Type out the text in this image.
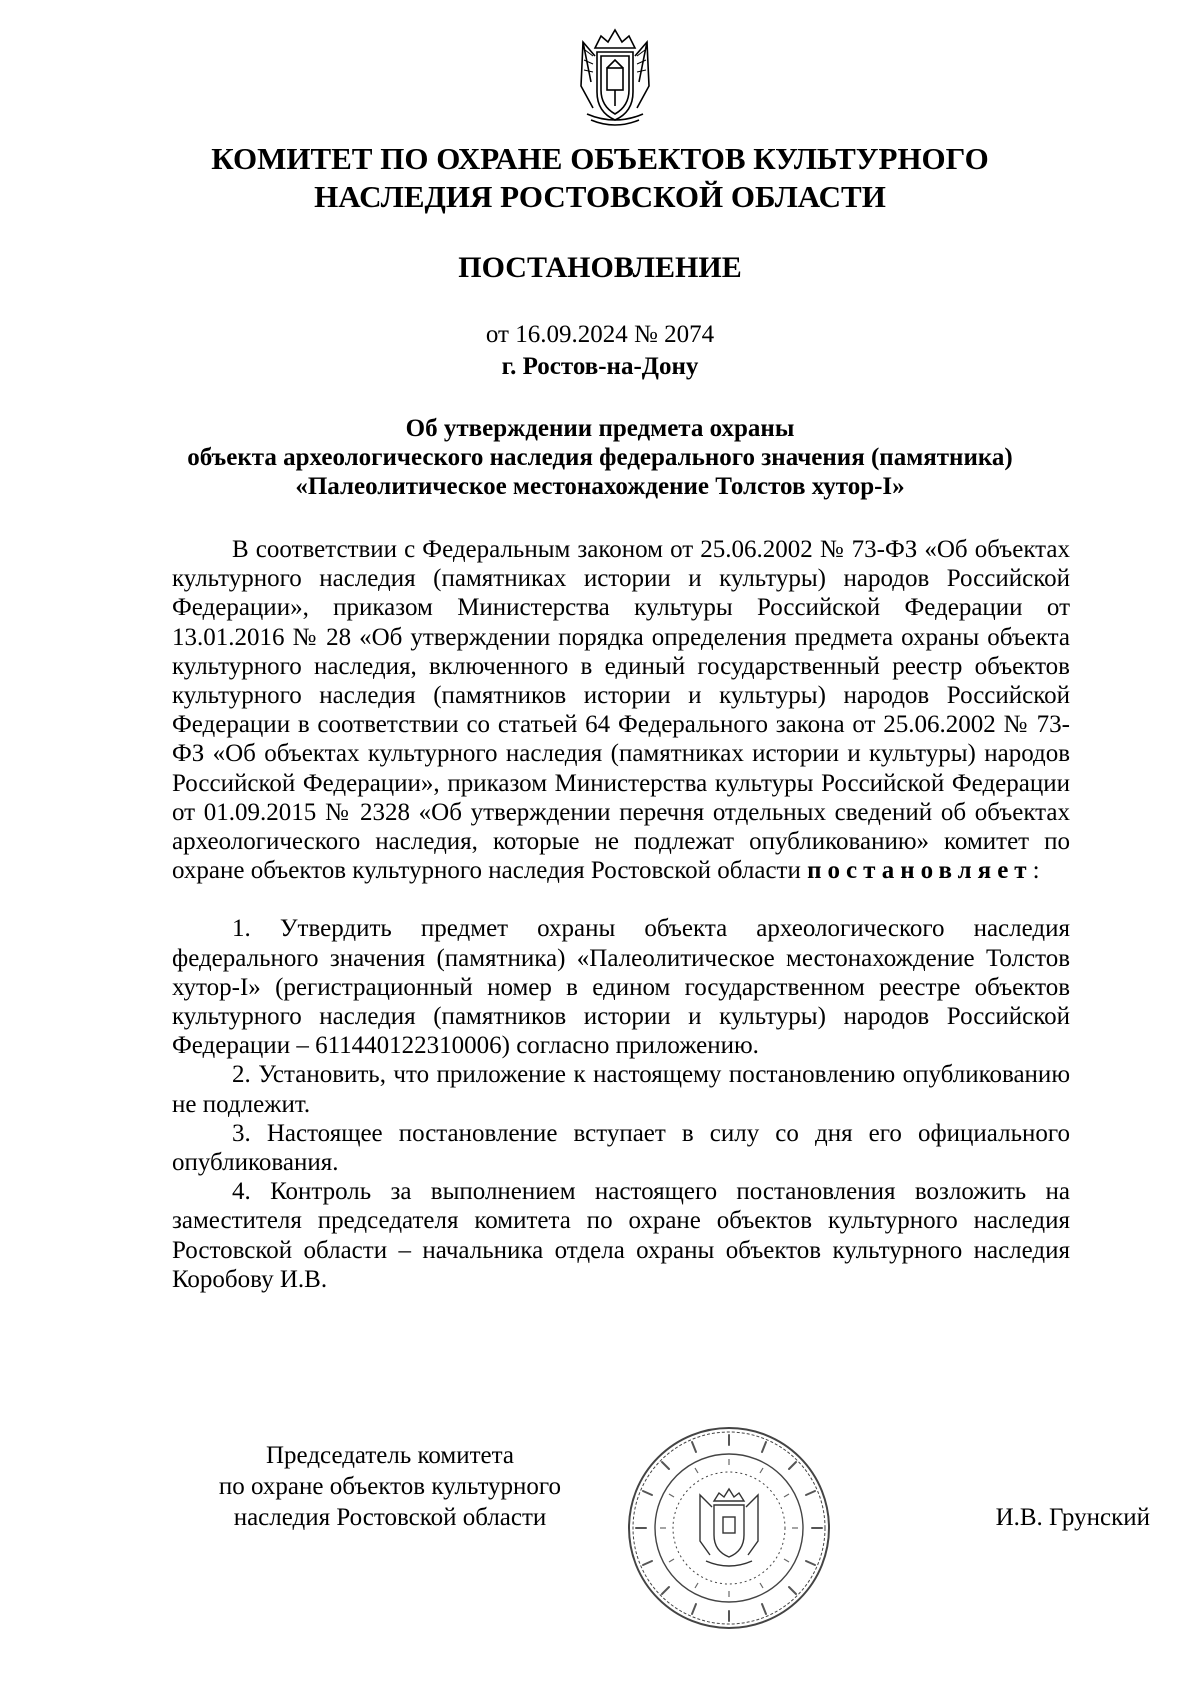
КОМИТЕТ ПО ОХРАНЕ ОБЪЕКТОВ КУЛЬТУРНОГО
НАСЛЕДИЯ РОСТОВСКОЙ ОБЛАСТИ
ПОСТАНОВЛЕНИЕ
от 16.09.2024 № 2074
г. Ростов-на-Дону
Об утверждении предмета охраны
объекта археологического наследия федерального значения (памятника)
«Палеолитическое местонахождение Толстов хутор-I»

В соответствии с Федеральным законом от 25.06.2002 № 73-ФЗ «Об объектах культурного наследия (памятниках истории и культуры) народов Российской Федерации», приказом Министерства культуры Российской Федерации от 13.01.2016 № 28 «Об утверждении порядка определения предмета охраны объекта культурного наследия, включенного в единый государственный реестр объектов культурного наследия (памятников истории и культуры) народов Российской Федерации в соответствии со статьей 64 Федерального закона от 25.06.2002 № 73-ФЗ «Об объектах культурного наследия (памятниках истории и культуры) народов Российской Федерации», приказом Министерства культуры Российской Федерации от 01.09.2015 № 2328 «Об утверждении перечня отдельных сведений об объектах археологического наследия, которые не подлежат опубликованию» комитет по охране объектов культурного наследия Ростовской области постановляет:

1. Утвердить предмет охраны объекта археологического наследия федерального значения (памятника) «Палеолитическое местонахождение Толстов хутор-I» (регистрационный номер в едином государственном реестре объектов культурного наследия (памятников истории и культуры) народов Российской Федерации – 611440122310006) согласно приложению.

2. Установить, что приложение к настоящему постановлению опубликованию не подлежит.

3. Настоящее постановление вступает в силу со дня его официального опубликования.

4. Контроль за выполнением настоящего постановления возложить на заместителя председателя комитета по охране объектов культурного наследия Ростовской области – начальника отдела охраны объектов культурного наследия Коробову И.В.

Председатель комитета
по охране объектов культурного
наследия Ростовской области	И.В. Грунский
